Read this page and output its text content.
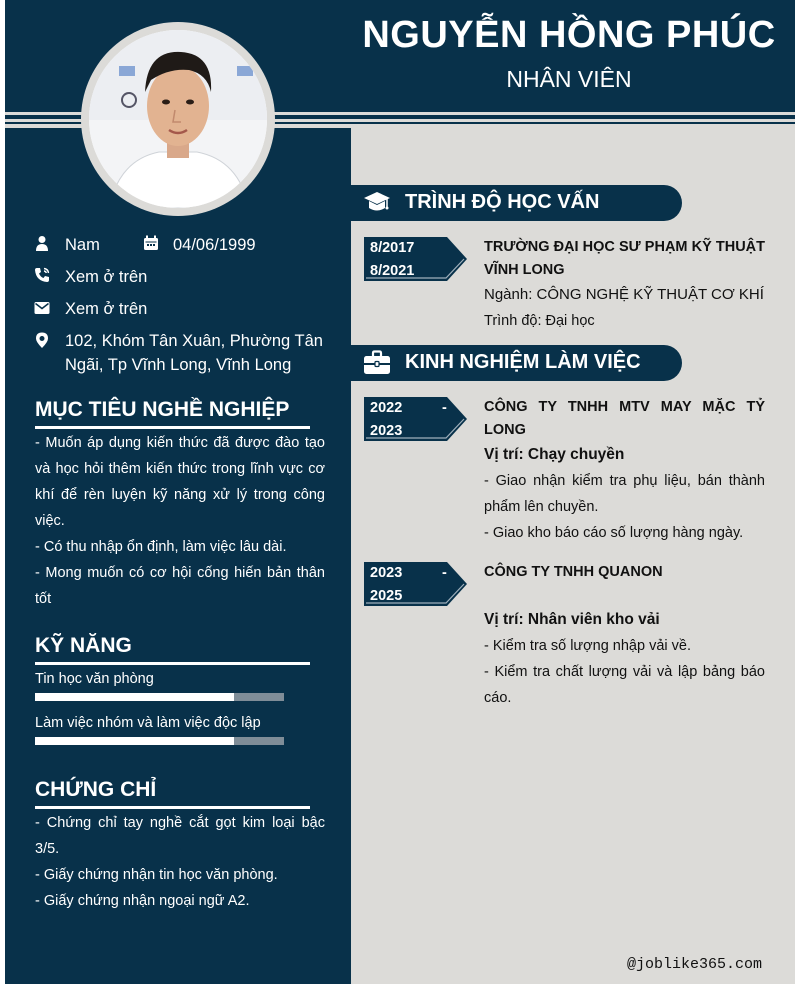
NGUYỄN HỒNG PHÚC
NHÂN VIÊN
Nam	04/06/1999
Xem ở trên
Xem ở trên
102, Khóm Tân Xuân, Phường Tân Ngãi, Tp Vĩnh Long, Vĩnh Long
MỤC TIÊU NGHỀ NGHIỆP

- Muốn áp dụng kiến thức đã được đào tạo và học hỏi thêm kiến thức trong lĩnh vực cơ khí để rèn luyện kỹ năng xử lý trong công việc.

- Có thu nhập ổn định, làm việc lâu dài.

- Mong muốn có cơ hội cống hiến bản thân tốt

KỸ NĂNG
Tin học văn phòng
Làm việc nhóm và làm việc độc lập
CHỨNG CHỈ

- Chứng chỉ tay nghề cắt gọt kim loại bậc 3/5.

- Giấy chứng nhận tin học văn phòng.

- Giấy chứng nhận ngoại ngữ A2.

TRÌNH ĐỘ HỌC VẤN
8/2017
8/2021
TRƯỜNG ĐẠI HỌC SƯ PHẠM KỸ THUẬT VĨNH LONG
Ngành: CÔNG NGHỆ KỸ THUẬT CƠ KHÍ
Trình độ: Đại học
KINH NGHIỆM LÀM VIỆC
2022	-
2023
CÔNG TY TNHH MTV MAY MẶC TỶ LONG
Vị trí: Chạy chuyền
- Giao nhận kiểm tra phụ liệu, bán thành phẩm lên chuyền.
- Giao kho báo cáo số lượng hàng ngày.
2023	-
2025
CÔNG TY TNHH QUANON
Vị trí: Nhân viên kho vải
- Kiểm tra số lượng nhập vải về.
- Kiểm tra chất lượng vải và lập bảng báo cáo.
@joblike365.com
